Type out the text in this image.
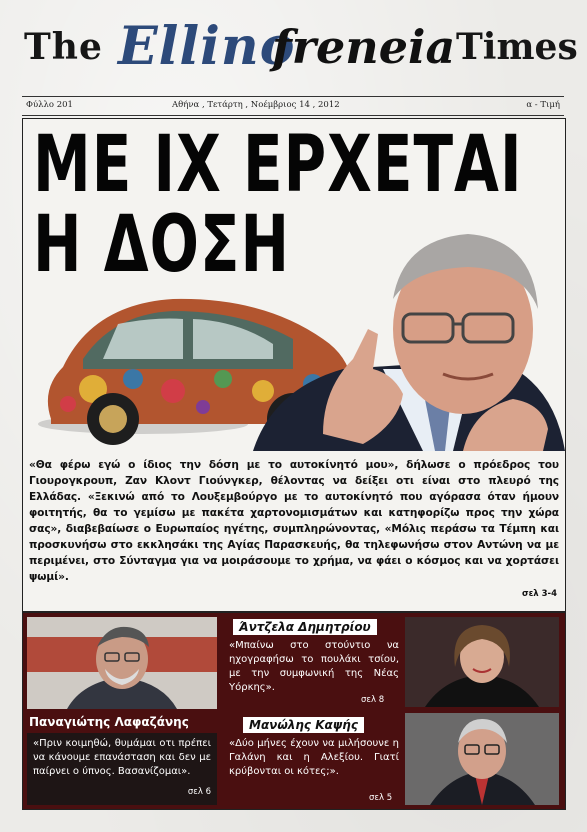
The Ellino
freneia Times
Φύλλο 201	Αθήνα , Τετάρτη , Νοέμβριος 14 , 2012	α - Τιμή
ΜΕ ΙΧ ΕΡΧΕΤΑΙ
Η ΔΟΣΗ
«Θα φέρω εγώ ο ίδιος την δόση με το αυτοκίνητό μου», δήλωσε ο πρόεδρος του Γιουρογκρουπ, Ζαν Κλοντ Γιούνγκερ, θέλοντας να δείξει οτι είναι στο πλευρό της Ελλάδας. «Ξεκινώ από το Λουξεμβούργο με το αυτοκίνητό που αγόρασα όταν ήμουν φοιτητής, θα το γεμίσω με πακέτα χαρτονομισμάτων και κατηφορίζω προς την χώρα σας», διαβεβαίωσε ο Ευρωπαίος ηγέτης, συμπληρώνοντας, «Μόλις περάσω τα Τέμπη και προσκυνήσω στο εκκλησάκι της Αγίας Παρασκευής, θα τηλεφωνήσω στον Αντώνη να με περιμένει, στο Σύνταγμα για να μοιράσουμε το χρήμα, να φάει ο κόσμος και να χορτάσει ψωμί».
σελ 3-4
Παναγιώτης Λαφαζάνης
«Πριν κοιμηθώ, θυμάμαι οτι πρέπει να κάνουμε επανάσταση και δεν με παίρνει ο ύπνος. Βασανίζομαι».
σελ 6
Άντζελα Δημητρίου
«Μπαίνω στο στούντιο να ηχογραφήσω το πουλάκι τσίου, με την συμφωνική της Νέας Υόρκης».
σελ 8
Μανώλης Καψής
«Δύο μήνες έχουν να μιλήσουνε η Γαλάνη και η Αλεξίου. Γιατί κρύβονται οι κότες;».
σελ 5
